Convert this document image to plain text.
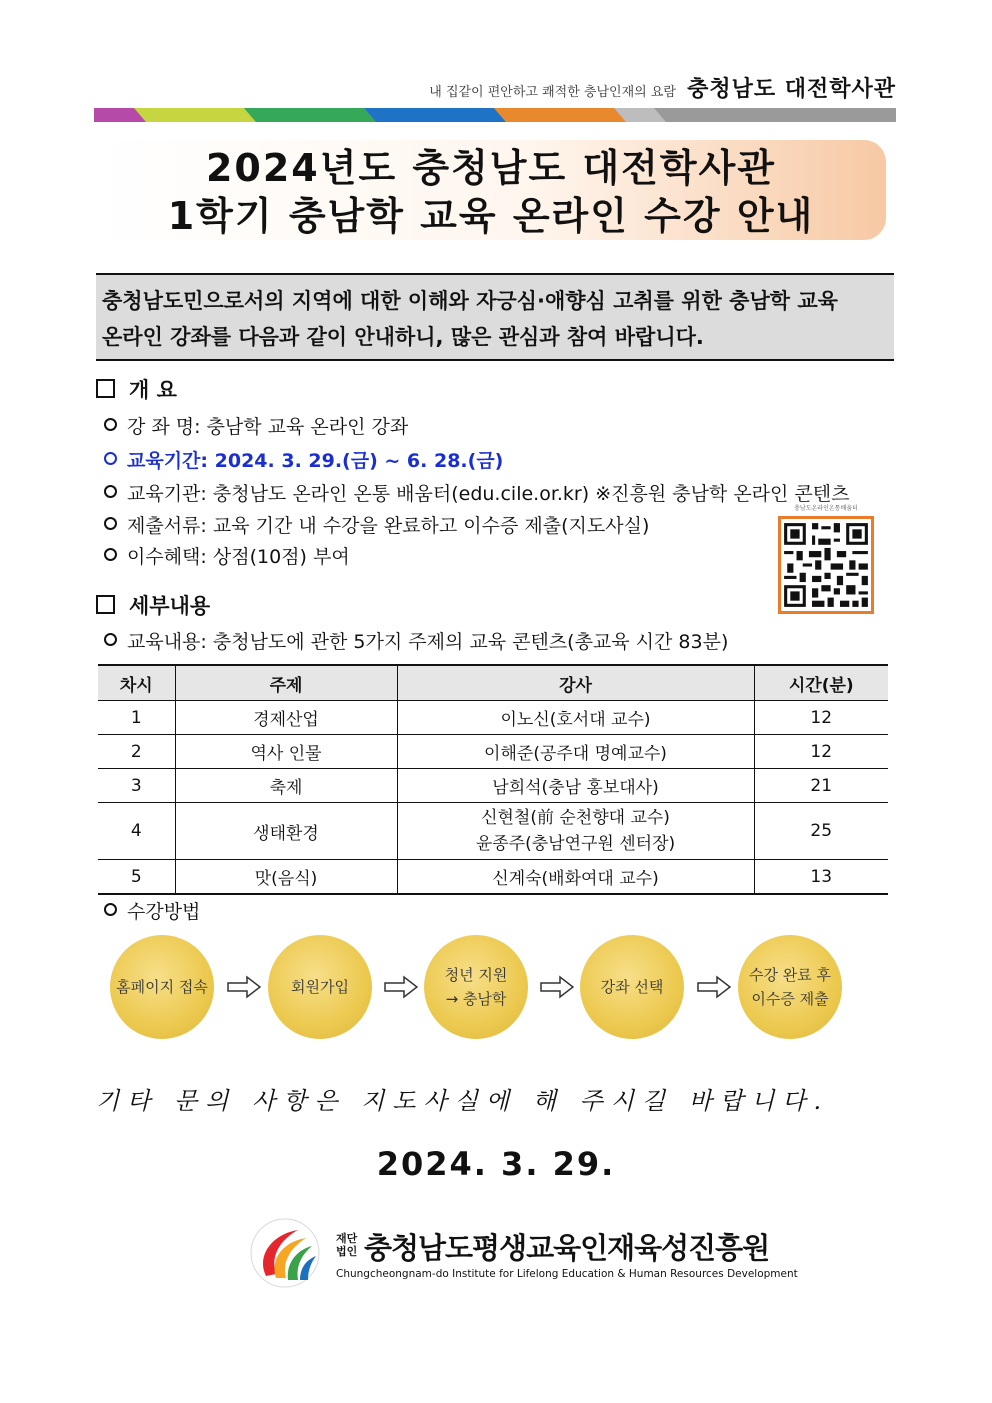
내 집같이 편안하고 쾌적한 충남인재의 요람 충청남도 대전학사관
2024년도 충청남도 대전학사관
1학기 충남학 교육 온라인 수강 안내
충청남도민으로서의 지역에 대한 이해와 자긍심·애향심 고취를 위한 충남학 교육
온라인 강좌를 다음과 같이 안내하니, 많은 관심과 참여 바랍니다.
개 요
강 좌 명: 충남학 교육 온라인 강좌
교육기간: 2024. 3. 29.(금) ~ 6. 28.(금)
교육기관: 충청남도 온라인 온통 배움터(edu.cile.or.kr) ※진흥원 충남학 온라인 콘텐츠
제출서류: 교육 기간 내 수강을 완료하고 이수증 제출(지도사실)
이수혜택: 상점(10점) 부여
충남도온라인온통배움터
세부내용
교육내용: 충청남도에 관한 5가지 주제의 교육 콘텐츠(총교육 시간 83분)
차시	주제	강사	시간(분)
1	경제산업	이노신(호서대 교수)	12
2	역사 인물	이해준(공주대 명예교수)	12
3	축제	남희석(충남 홍보대사)	21
4	생태환경	신현철(前 순천향대 교수)
윤종주(충남연구원 센터장)	25
5	맛(음식)	신계숙(배화여대 교수)	13
수강방법
홈페이지 접속	회원가입
청년 지원
→ 충남학
강좌 선택
수강 완료 후
이수증 제출
기타 문의 사항은 지도사실에 해 주시길 바랍니다.
2024. 3. 29.
재단
법인 충청남도평생교육인재육성진흥원
Chungcheongnam-do Institute for Lifelong Education & Human Resources Development
